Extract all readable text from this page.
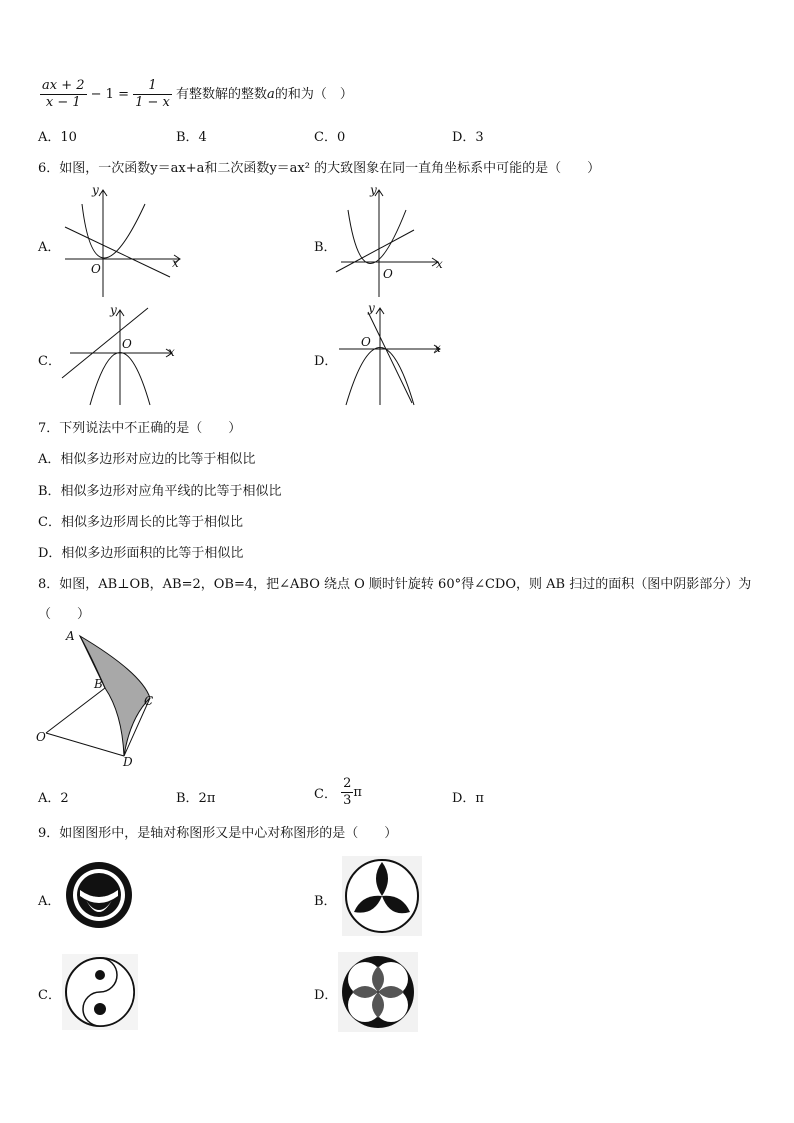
$\frac{ax + 2}{x - 1} - 1 = \frac{1}{1 - x}$ 有整数解的整数a的和为（　）
A．10	B．4	C．0	D．3
6．如图，一次函数y＝ax+a和二次函数y＝ax² 的大致图象在同一直角坐标系中可能的是（　　）
A．	B．
C．	D．
y
x
O
y
x
O
y
x
O
y
x
O
7．下列说法中不正确的是（　　）
A．相似多边形对应边的比等于相似比
B．相似多边形对应角平线的比等于相似比
C．相似多边形周长的比等于相似比
D．相似多边形面积的比等于相似比
8．如图，AB⊥OB，AB=2，OB=4，把∠ABO 绕点 O 顺时针旋转 60°得∠CDO，则 AB 扫过的面积（图中阴影部分）为
（　　）
A
B
C
O
D
A．2	B．2π	C． $\frac{2}{3}$ π	D．π
9．如图图形中，是轴对称图形又是中心对称图形的是（　　）
A．	B．
C．	D．
